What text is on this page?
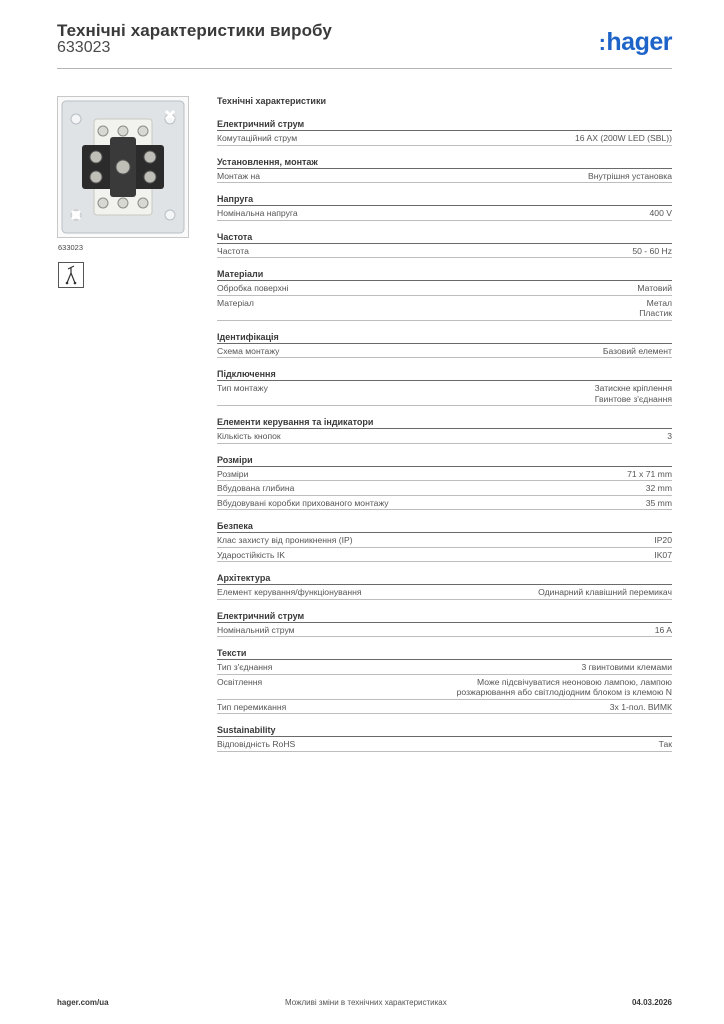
Технічні характеристики виробу
633023	:hager
633023
Технічні характеристики
Електричний струм
Комутаційний струм	16 AX (200W LED (SBL))
Установлення, монтаж
Монтаж на	Внутрішня установка
Напруга
Номінальна напруга	400 V
Частота
Частота	50 - 60 Hz
Матеріали
Обробка поверхні	Матовий
Матеріал	Метал
Пластик
Ідентифікація
Схема монтажу	Базовий елемент
Підключення
Тип монтажу	Затискне кріплення
Гвинтове з'єднання
Елементи керування та індикатори
Кількість кнопок	3
Розміри
Розміри	71 x 71 mm
Вбудована глибина	32 mm
Вбудовувані коробки прихованого монтажу	35 mm
Безпека
Клас захисту від проникнення (IP)	IP20
Ударостійкість IK	IK07
Архітектура
Елемент керування/функціонування	Одинарний клавішний перемикач
Електричний струм
Номінальний струм	16 A
Тексти
Тип з'єднання	3 гвинтовими клемами
Освітлення	Може підсвічуватися неоновою лампою, лампою
розжарювання або світлодіодним блоком із клемою N
Тип перемикання	3x 1-пол. ВИМК
Sustainability
Відповідність RoHS	Так
hager.com/ua	Можливі зміни в технічних характеристиках	04.03.2026
